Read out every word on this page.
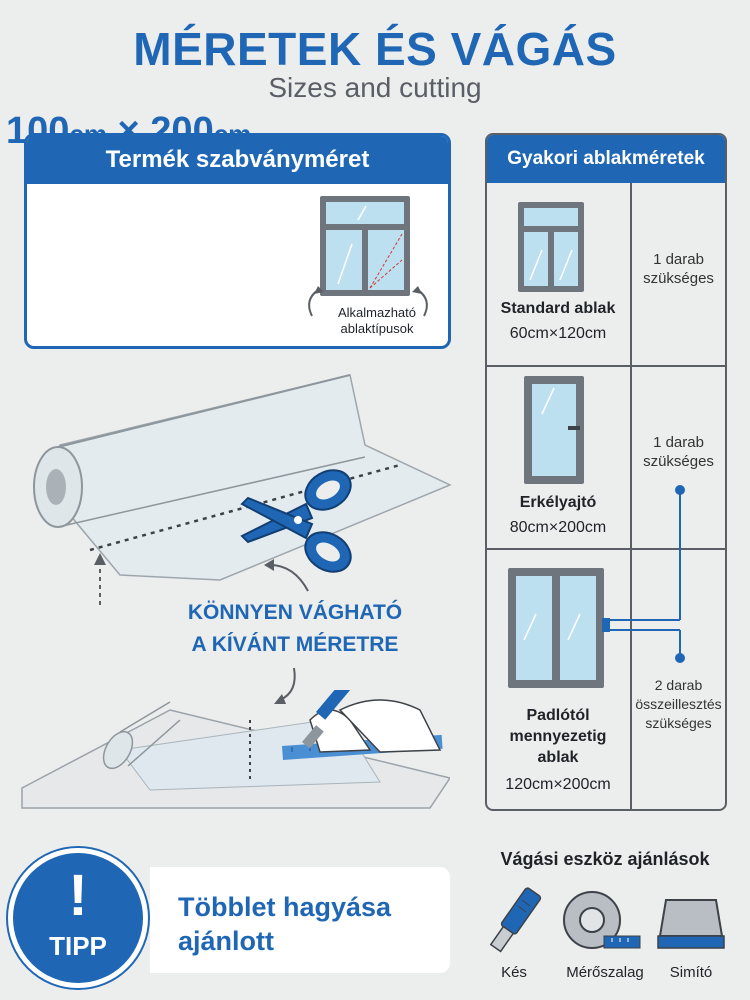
MÉRETEK ÉS VÁGÁS
Sizes and cutting
Termék szabványméret
100cm × 200cm
Alkalmazható
ablaktípusok
Gyakori ablakméretek
Standard ablak
60cm×120cm
1 darab
szükséges
Erkélyajtó
80cm×200cm
1 darab
szükséges
Padlótól
mennyezetig
ablak
120cm×200cm
2 darab
összeillesztés
szükséges
KÖNNYEN VÁGHATÓ
A KÍVÁNT MÉRETRE
!
TIPP
Többlet hagyása
ajánlott
Vágási eszköz ajánlások
Kés	Mérőszalag	Simító
